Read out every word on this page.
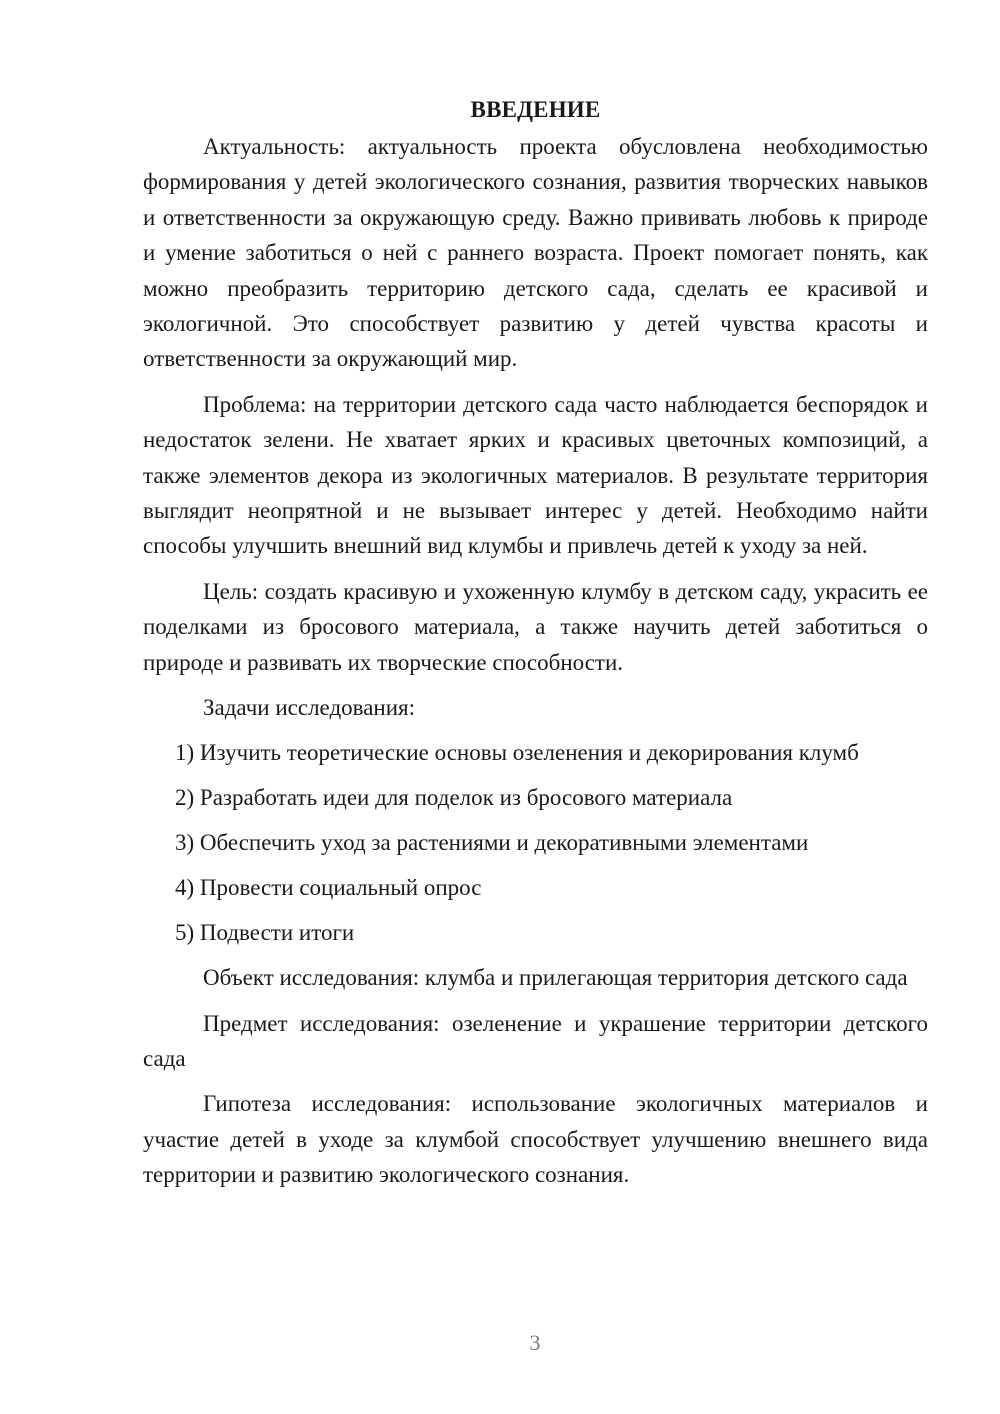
ВВЕДЕНИЕ

Актуальность: актуальность проекта обусловлена необходимостью формирования у детей экологического сознания, развития творческих навыков и ответственности за окружающую среду. Важно прививать любовь к природе и умение заботиться о ней с раннего возраста. Проект помогает понять, как можно преобразить территорию детского сада, сделать ее красивой и экологичной. Это способствует развитию у детей чувства красоты и ответственности за окружающий мир.

Проблема: на территории детского сада часто наблюдается беспорядок и недостаток зелени. Не хватает ярких и красивых цветочных композиций, а также элементов декора из экологичных материалов. В результате территория выглядит неопрятной и не вызывает интерес у детей. Необходимо найти способы улучшить внешний вид клумбы и привлечь детей к уходу за ней.

Цель: создать красивую и ухоженную клумбу в детском саду, украсить ее поделками из бросового материала, а также научить детей заботиться о природе и развивать их творческие способности.

Задачи исследования:

1) Изучить теоретические основы озеленения и декорирования клумб
2) Разработать идеи для поделок из бросового материала
3) Обеспечить уход за растениями и декоративными элементами
4) Провести социальный опрос
5) Подвести итоги

Объект исследования: клумба и прилегающая территория детского сада

Предмет исследования: озеленение и украшение территории детского сада

Гипотеза исследования: использование экологичных материалов и участие детей в уходе за клумбой способствует улучшению внешнего вида территории и развитию экологического сознания.

3
